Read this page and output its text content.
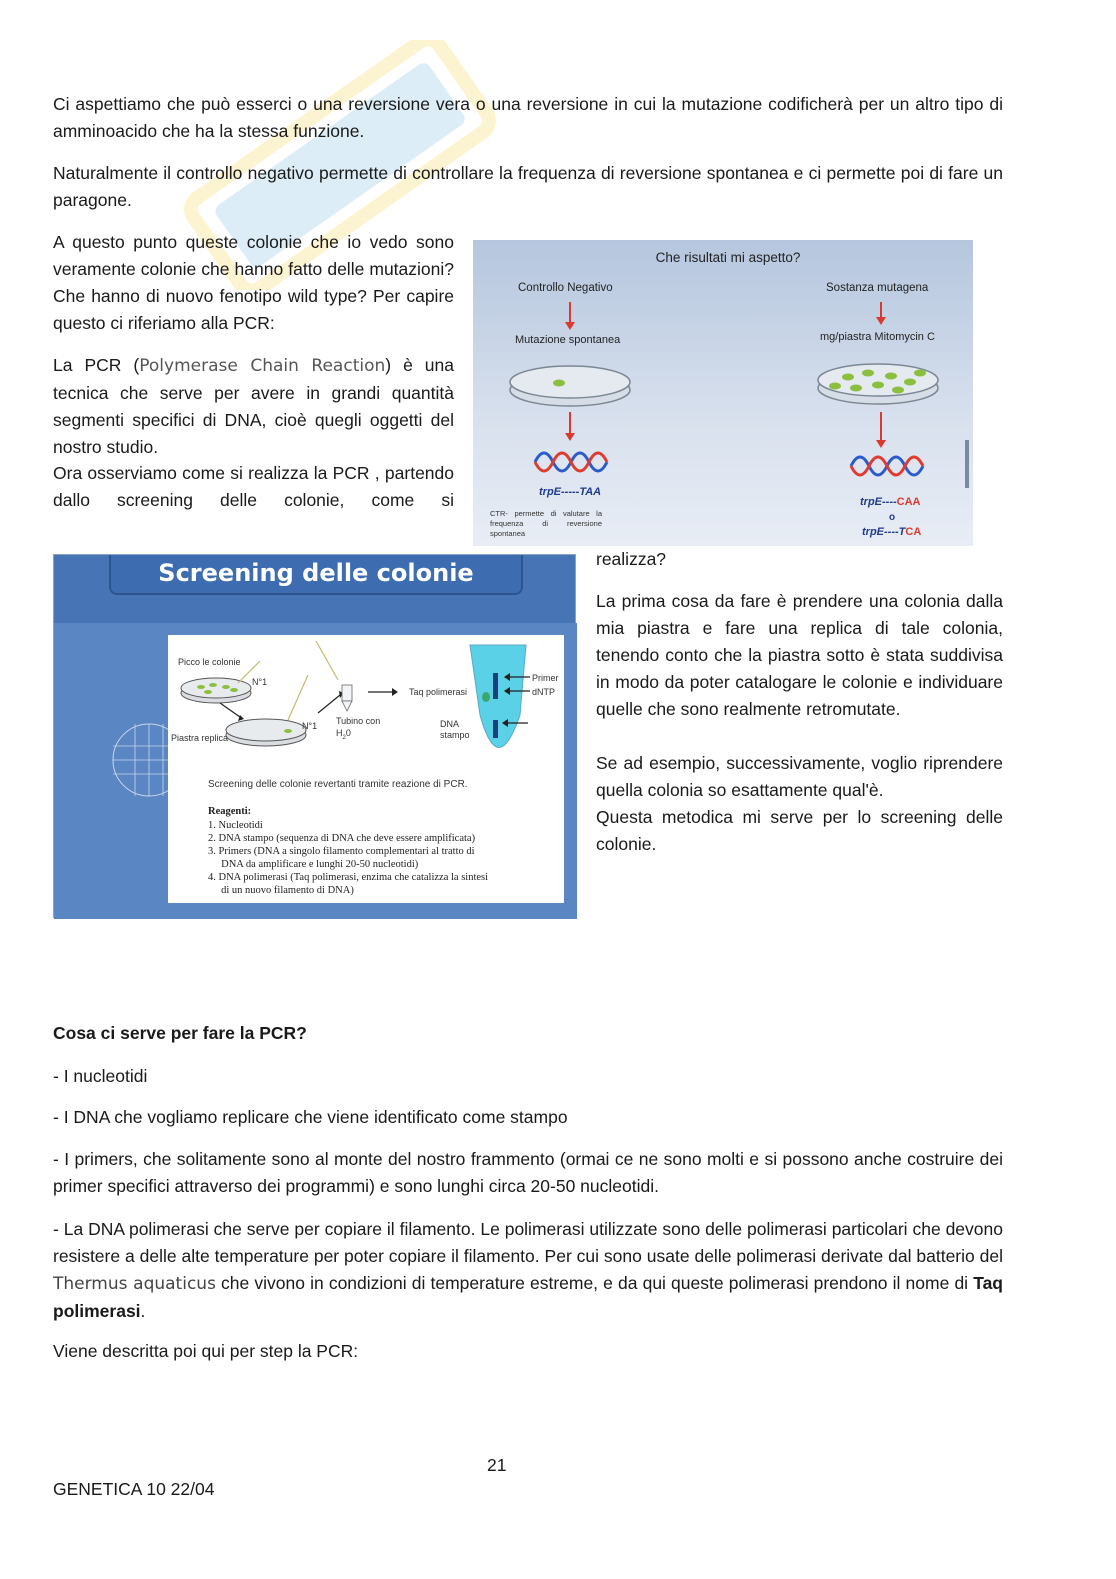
Ci aspettiamo che può esserci o una reversione vera o una reversione in cui la mutazione codificherà per un altro tipo di amminoacido che ha la stessa funzione.

Naturalmente il controllo negativo permette di controllare la frequenza di reversione spontanea e ci permette poi di fare un paragone.

A questo punto queste colonie che io vedo sono veramente colonie che hanno fatto delle mutazioni? Che hanno di nuovo fenotipo wild type? Per capire questo ci riferiamo alla PCR:

La PCR (Polymerase Chain Reaction) è una tecnica che serve per avere in grandi quantità segmenti specifici di DNA, cioè quegli oggetti del nostro studio.

Ora osserviamo come si realizza la PCR , partendo dallo screening delle colonie, come si

Che risultati mi aspetto?
Controllo Negativo	Sostanza mutagena
Mutazione spontanea	mg/piastra Mitomycin C
trpE-----TAA
trpE----CAA
o
trpE----TCA
CTR- permette di valutare la frequenza di reversione spontanea

realizza?

Screening delle colonie
Picco le colonie
N°1
N°1
Piastra replica
Tubino con $H_20$
Taq polimerasi
Primer
dNTP
DNA stampo
Screening delle colonie revertanti tramite reazione di PCR.
Reagenti:
1. Nucleotidi
2. DNA stampo (sequenza di DNA che deve essere amplificata)
3. Primers (DNA a singolo filamento complementari al tratto di
DNA da amplificare e lunghi 20-50 nucleotidi)
4. DNA polimerasi (Taq polimerasi, enzima che catalizza la sintesi
di un nuovo filamento di DNA)

La prima cosa da fare è prendere una colonia dalla mia piastra e fare una replica di tale colonia, tenendo conto che la piastra sotto è stata suddivisa in modo da poter catalogare le colonie e individuare quelle che sono realmente retromutate.

Se ad esempio, successivamente, voglio riprendere quella colonia so esattamente qual'è.

Questa metodica mi serve per lo screening delle colonie.

Cosa ci serve per fare la PCR?

- I nucleotidi

- I DNA che vogliamo replicare che viene identificato come stampo

- I primers, che solitamente sono al monte del nostro frammento (ormai ce ne sono molti e si possono anche costruire dei primer specifici attraverso dei programmi) e sono lunghi circa 20-50 nucleotidi.

- La DNA polimerasi che serve per copiare il filamento. Le polimerasi utilizzate sono delle polimerasi particolari che devono resistere a delle alte temperature per poter copiare il filamento. Per cui sono usate delle polimerasi derivate dal batterio del Thermus aquaticus che vivono in condizioni di temperature estreme, e da qui queste polimerasi prendono il nome di Taq polimerasi.

Viene descritta poi qui per step la PCR:

21
GENETICA 10 22/04
